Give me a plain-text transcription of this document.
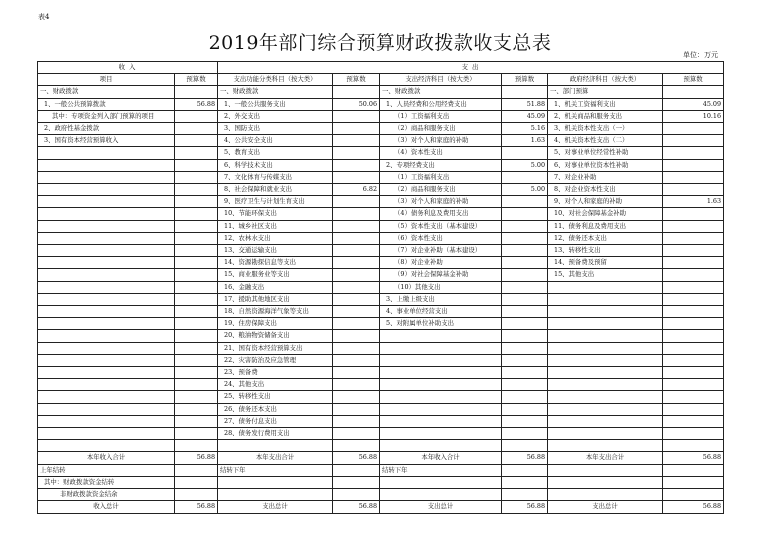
表4
2019年部门综合预算财政拨款收支总表
单位：万元
收 入		支 出					
项目	预算数	支出功能分类科目（按大类）	预算数	支出经济科目（按大类）	预算数	政府经济科目（按大类）	预算数
一、财政拨款		一、财政拨款		一、财政拨款		一、部门预算	
1、一般公共预算拨款	56.88	1、一般公共服务支出	50.06	1、人员经费和公用经费支出	51.88	1、机关工资福利支出	45.09
其中：专项资金列入部门预算的项目		2、外交支出		（1）工资福利支出	45.09	2、机关商品和服务支出	10.16
2、政府性基金拨款		3、国防支出		（2）商品和服务支出	5.16	3、机关资本性支出（一）	
3、国有资本经营预算收入		4、公共安全支出		（3）对个人和家庭的补助	1.63	4、机关资本性支出（二）	
		5、教育支出		（4）资本性支出		5、对事业单位经常性补助	
		6、科学技术支出		2、专项经费支出	5.00	6、对事业单位资本性补助	
		7、文化体育与传媒支出		（1）工资福利支出		7、对企业补助	
		8、社会保障和就业支出	6.82	（2）商品和服务支出	5.00	8、对企业资本性支出	
		9、医疗卫生与计划生育支出		（3）对个人和家庭的补助		9、对个人和家庭的补助	1.63
		10、节能环保支出		（4）债务利息及费用支出		10、对社会保障基金补助	
		11、城乡社区支出		（5）资本性支出（基本建设）		11、债务利息及费用支出	
		12、农林水支出		（6）资本性支出		12、债务还本支出	
		13、交通运输支出		（7）对企业补助（基本建设）		13、转移性支出	
		14、资源勘探信息等支出		（8）对企业补助		14、预备费及预留	
		15、商业服务业等支出		（9）对社会保障基金补助		15、其他支出	
		16、金融支出		（10）其他支出			
		17、援助其他地区支出		3、上缴上级支出			
		18、自然资源海洋气象等支出		4、事业单位经营支出			
		19、住房保障支出		5、对附属单位补助支出			
		20、粮油物资储备支出					
		21、国有资本经营预算支出					
		22、灾害防治及应急管理					
		23、预备费					
		24、其他支出					
		25、转移性支出					
		26、债务还本支出					
		27、债务付息支出					
		28、债务发行费用支出					

本年收入合计	56.88	本年支出合计	56.88	本年收入合计	56.88	本年支出合计	56.88
上年结转		结转下年		结转下年			
其中：财政拨款资金结转							
非财政拨款资金结余							
收入总计	56.88	支出总计	56.88	支出总计	56.88	支出总计	56.88
